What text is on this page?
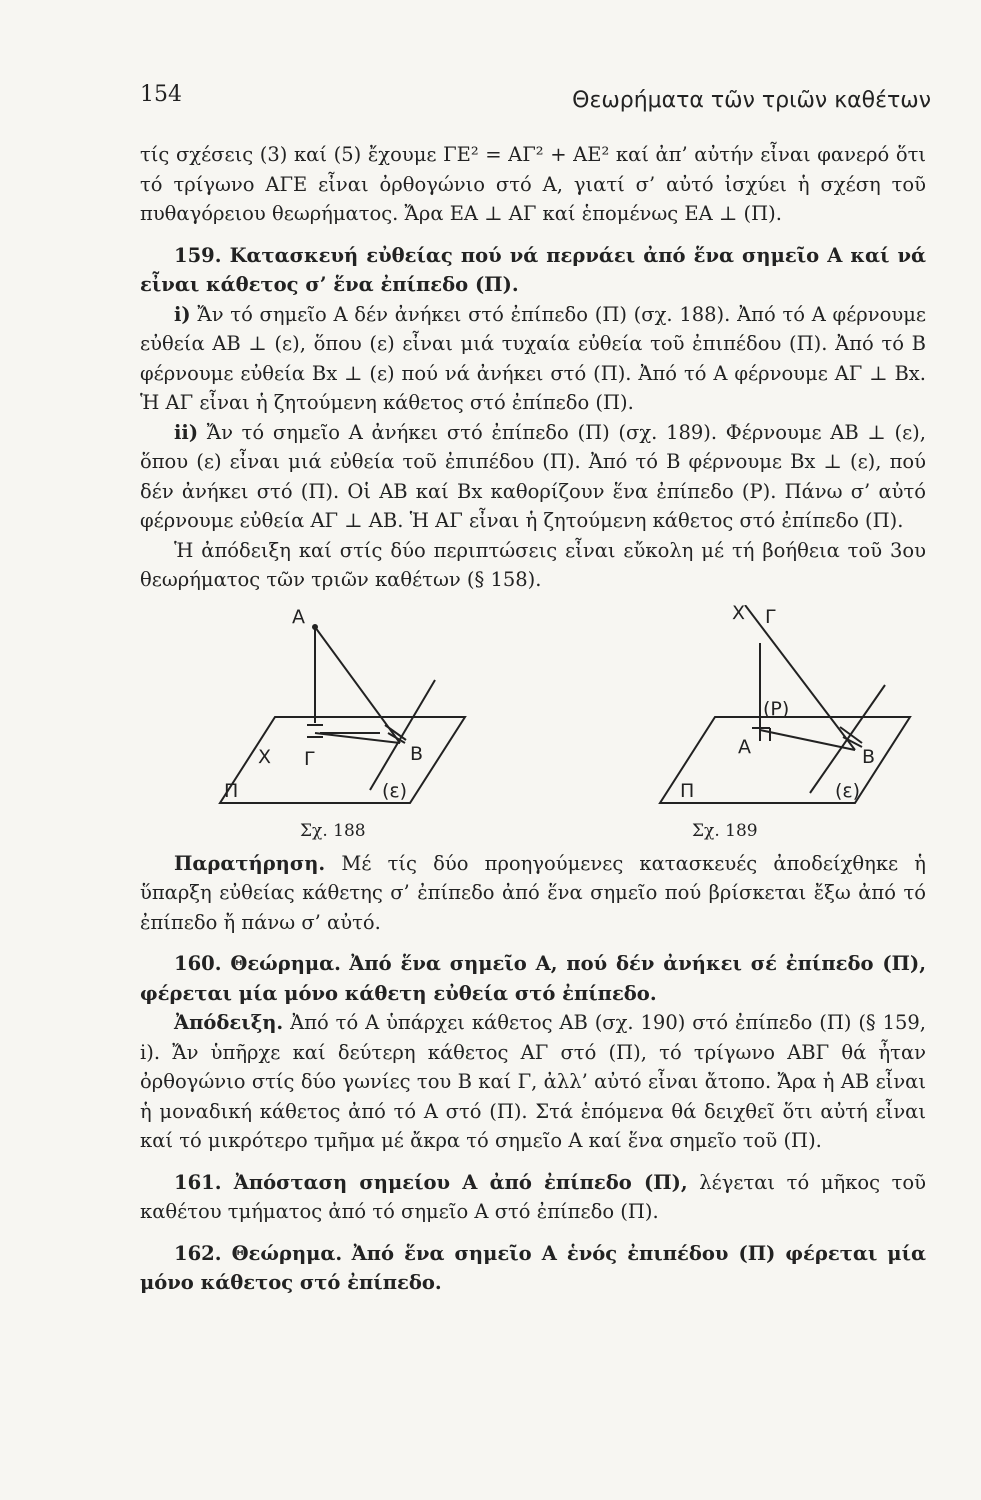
154	Θεωρήματα τῶν τριῶν καθέτων

τίς σχέσεις (3) καί (5) ἔχουμε ΓΕ² = ΑΓ² + ΑΕ² καί ἀπ’ αὐτήν εἶναι φανερό ὅτι τό τρίγωνο ΑΓΕ εἶναι ὀρθογώνιο στό Α, γιατί σ’ αὐτό ἰσχύει ἡ σχέση τοῦ πυθαγόρειου θεωρήματος. Ἄρα ΕΑ ⊥ ΑΓ καί ἑπομένως ΕΑ ⊥ (Π).

159. Κατασκευή εὐθείας πού νά περνάει ἀπό ἕνα σημεῖο Α καί νά εἶναι κάθετος σ’ ἕνα ἐπίπεδο (Π).

i) Ἄν τό σημεῖο Α δέν ἀνήκει στό ἐπίπεδο (Π) (σχ. 188). Ἀπό τό Α φέρνουμε εὐθεία ΑΒ ⊥ (ε), ὅπου (ε) εἶναι μιά τυχαία εὐθεία τοῦ ἐπιπέδου (Π). Ἀπό τό Β φέρνουμε εὐθεία Βx ⊥ (ε) πού νά ἀνήκει στό (Π). Ἀπό τό Α φέρνουμε ΑΓ ⊥ Βx. Ἡ ΑΓ εἶναι ἡ ζητούμενη κάθετος στό ἐπίπεδο (Π).

ii) Ἄν τό σημεῖο Α ἀνήκει στό ἐπίπεδο (Π) (σχ. 189). Φέρνουμε ΑΒ ⊥ (ε), ὅπου (ε) εἶναι μιά εὐθεία τοῦ ἐπιπέδου (Π). Ἀπό τό Β φέρνουμε Βx ⊥ (ε), πού δέν ἀνήκει στό (Π). Οἱ ΑΒ καί Βx καθορίζουν ἕνα ἐπίπεδο (Ρ). Πάνω σ’ αὐτό φέρνουμε εὐθεία ΑΓ ⊥ ΑΒ. Ἡ ΑΓ εἶναι ἡ ζητούμενη κάθετος στό ἐπίπεδο (Π).

Ἡ ἀπόδειξη καί στίς δύο περιπτώσεις εἶναι εὔκολη μέ τή βοήθεια τοῦ 3ου θεωρήματος τῶν τριῶν καθέτων (§ 158).

Α
Χ Γ	Β
Π	(ε)
Σχ. 188
Χ Γ
(Ρ)
Α	Β
Π	(ε)
Σχ. 189

Παρατήρηση. Μέ τίς δύο προηγούμενες κατασκευές ἀποδείχθηκε ἡ ὕπαρξη εὐθείας κάθετης σ’ ἐπίπεδο ἀπό ἕνα σημεῖο πού βρίσκεται ἔξω ἀπό τό ἐπίπεδο ἤ πάνω σ’ αὐτό.

160. Θεώρημα. Ἀπό ἕνα σημεῖο Α, πού δέν ἀνήκει σέ ἐπίπεδο (Π), φέρεται μία μόνο κάθετη εὐθεία στό ἐπίπεδο.

Ἀπόδειξη. Ἀπό τό Α ὑπάρχει κάθετος ΑΒ (σχ. 190) στό ἐπίπεδο (Π) (§ 159, i). Ἄν ὑπῆρχε καί δεύτερη κάθετος ΑΓ στό (Π), τό τρίγωνο ΑΒΓ θά ἦταν ὀρθογώνιο στίς δύο γωνίες του Β καί Γ, ἀλλ’ αὐτό εἶναι ἄτοπο. Ἄρα ἡ ΑΒ εἶναι ἡ μοναδική κάθετος ἀπό τό Α στό (Π). Στά ἑπόμενα θά δειχθεῖ ὅτι αὐτή εἶναι καί τό μικρότερο τμῆμα μέ ἄκρα τό σημεῖο Α καί ἕνα σημεῖο τοῦ (Π).

161. Ἀπόσταση σημείου Α ἀπό ἐπίπεδο (Π), λέγεται τό μῆκος τοῦ καθέτου τμήματος ἀπό τό σημεῖο Α στό ἐπίπεδο (Π).

162. Θεώρημα. Ἀπό ἕνα σημεῖο Α ἑνός ἐπιπέδου (Π) φέρεται μία μόνο κάθετος στό ἐπίπεδο.
